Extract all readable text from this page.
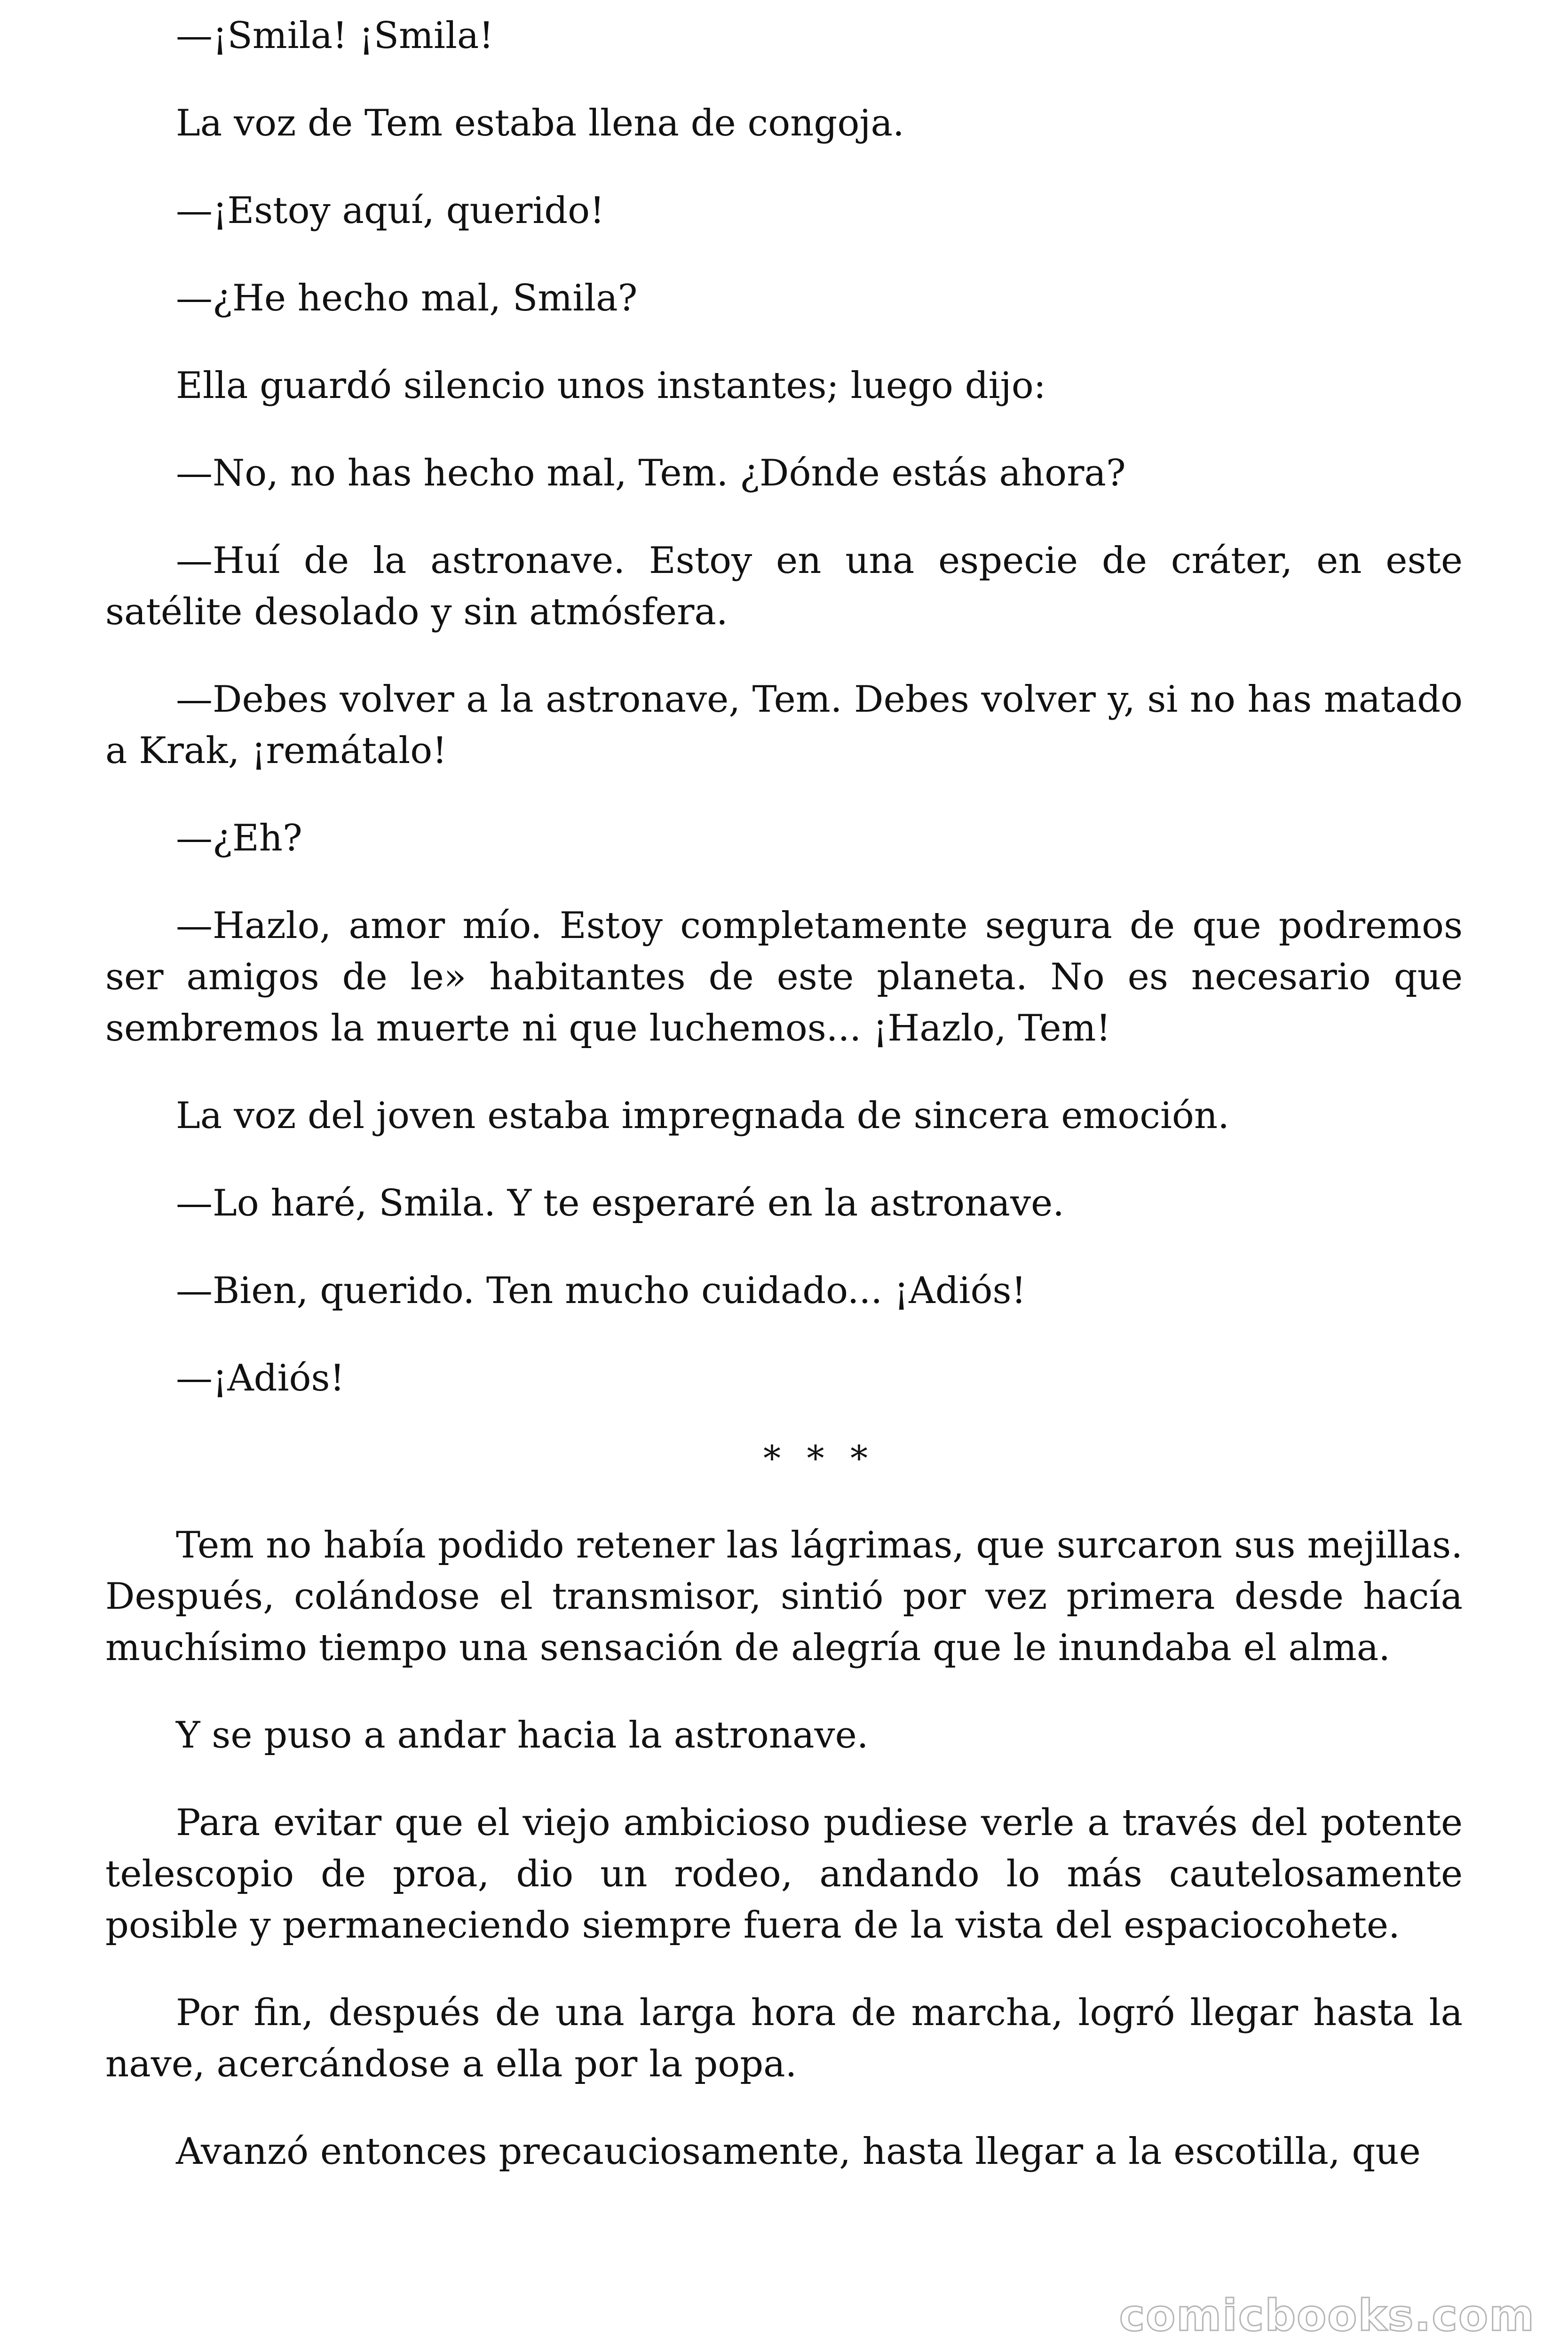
—¡Smila! ¡Smila!

La voz de Tem estaba llena de congoja.

—¡Estoy aquí, querido!

—¿He hecho mal, Smila?

Ella guardó silencio unos instantes; luego dijo:

—No, no has hecho mal, Tem. ¿Dónde estás ahora?

—Huí de la astronave. Estoy en una especie de cráter, en este satélite desolado y sin atmósfera.

—Debes volver a la astronave, Tem. Debes volver y, si no has matado a Krak, ¡remátalo!

—¿Eh?

—Hazlo, amor mío. Estoy completamente segura de que podremos ser amigos de le» habitantes de este planeta. No es necesario que sembremos la muerte ni que luchemos... ¡Hazlo, Tem!

La voz del joven estaba impregnada de sincera emoción.

—Lo haré, Smila. Y te esperaré en la astronave.

—Bien, querido. Ten mucho cuidado... ¡Adiós!

—¡Adiós!

* * *

Tem no había podido retener las lágrimas, que surcaron sus mejillas. Después, colándose el transmisor, sintió por vez primera desde hacía muchísimo tiempo una sensación de alegría que le inundaba el alma.

Y se puso a andar hacia la astronave.

Para evitar que el viejo ambicioso pudiese verle a través del potente telescopio de proa, dio un rodeo, andando lo más cautelosamente posible y permaneciendo siempre fuera de la vista del espaciocohete.

Por fin, después de una larga hora de marcha, logró llegar hasta la nave, acercándose a ella por la popa.

Avanzó entonces precauciosamente, hasta llegar a la escotilla, que

comicbooks.com
